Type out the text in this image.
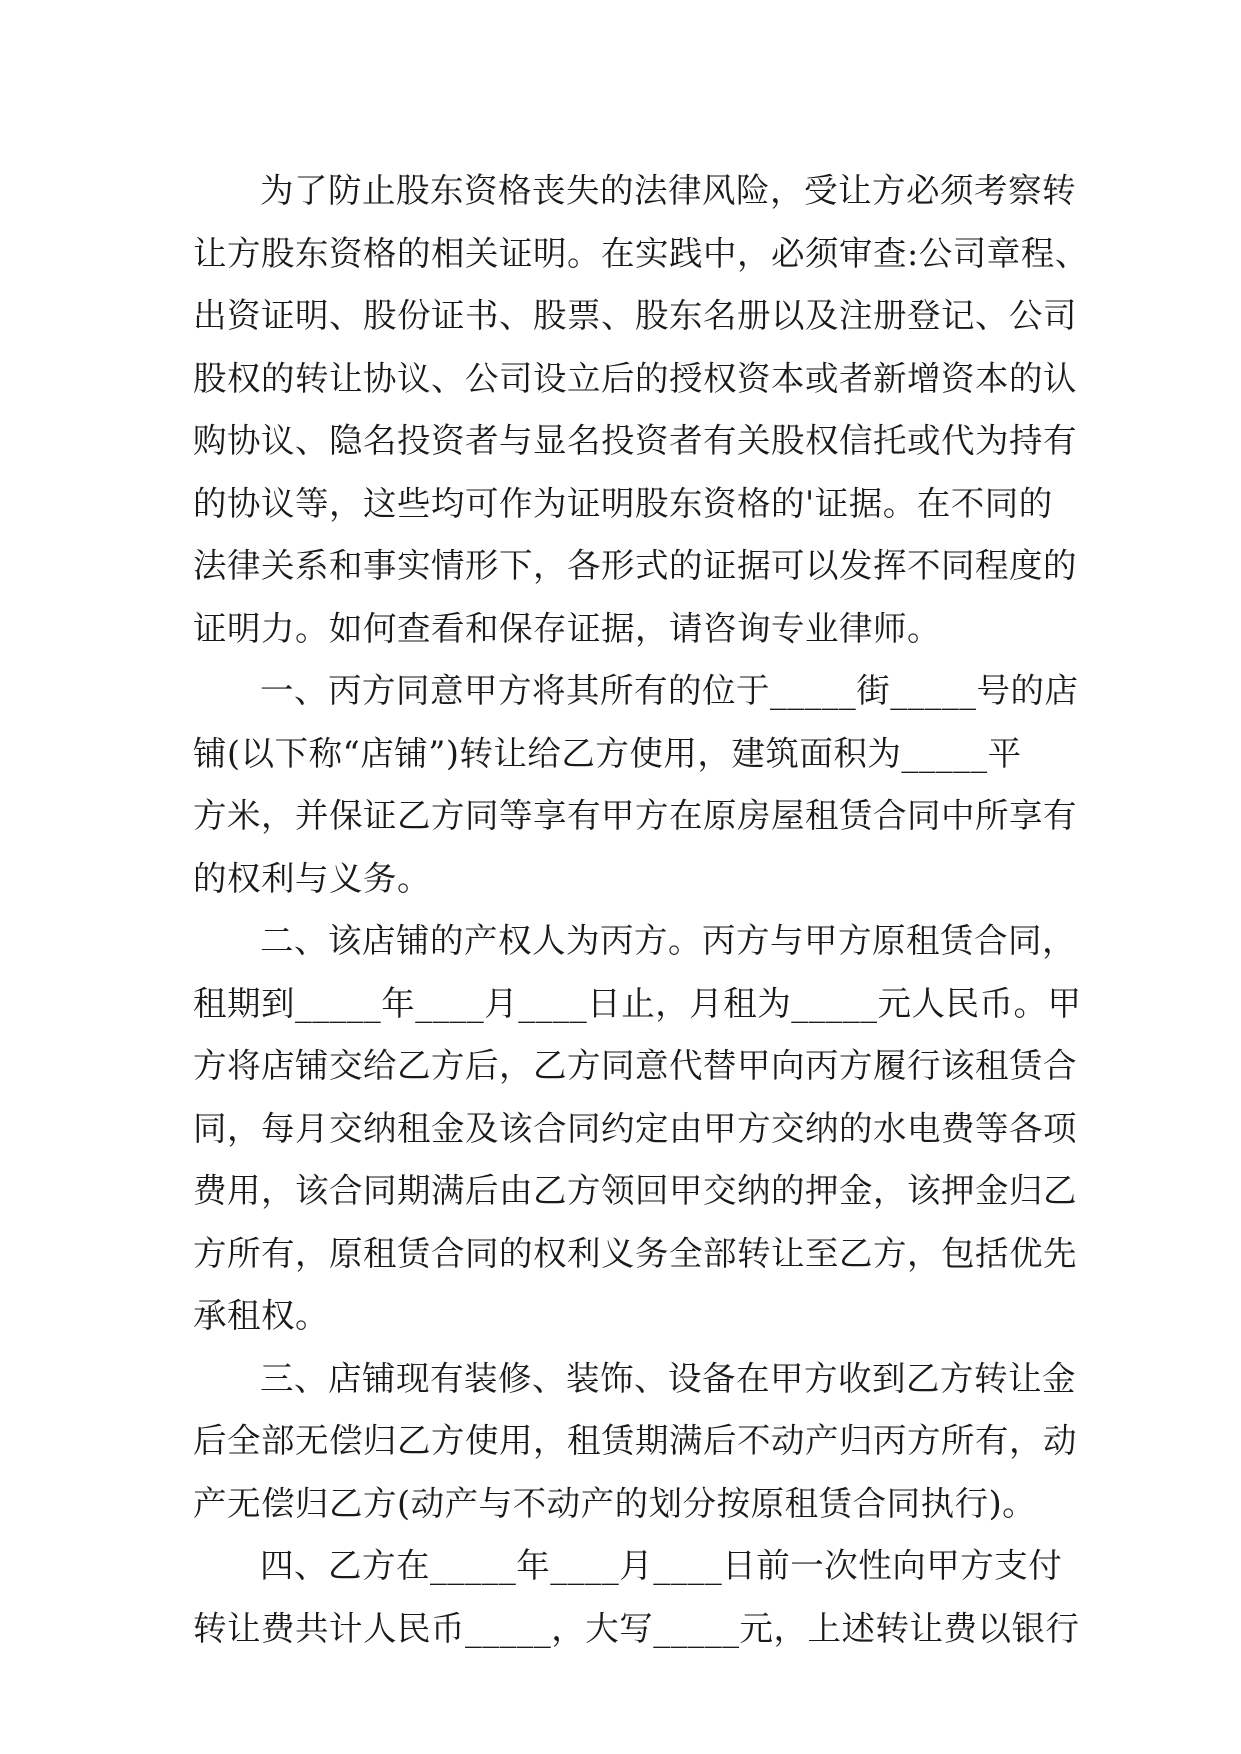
为了防止股东资格丧失的法律风险，受让方必须考察转
让方股东资格的相关证明。在实践中，必须审查:公司章程、
出资证明、股份证书、股票、股东名册以及注册登记、公司
股权的转让协议、公司设立后的授权资本或者新增资本的认
购协议、隐名投资者与显名投资者有关股权信托或代为持有
的协议等，这些均可作为证明股东资格的'证据。在不同的
法律关系和事实情形下，各形式的证据可以发挥不同程度的
证明力。如何查看和保存证据，请咨询专业律师。
一、丙方同意甲方将其所有的位于_____街_____号的店
铺(以下称“店铺”)转让给乙方使用，建筑面积为_____平
方米，并保证乙方同等享有甲方在原房屋租赁合同中所享有
的权利与义务。
二、该店铺的产权人为丙方。丙方与甲方原租赁合同，
租期到_____年____月____日止，月租为_____元人民币。甲
方将店铺交给乙方后，乙方同意代替甲向丙方履行该租赁合
同，每月交纳租金及该合同约定由甲方交纳的水电费等各项
费用，该合同期满后由乙方领回甲交纳的押金，该押金归乙
方所有，原租赁合同的权利义务全部转让至乙方，包括优先
承租权。
三、店铺现有装修、装饰、设备在甲方收到乙方转让金
后全部无偿归乙方使用，租赁期满后不动产归丙方所有，动
产无偿归乙方(动产与不动产的划分按原租赁合同执行)。
四、乙方在_____年____月____日前一次性向甲方支付
转让费共计人民币_____，大写_____元，上述转让费以银行
